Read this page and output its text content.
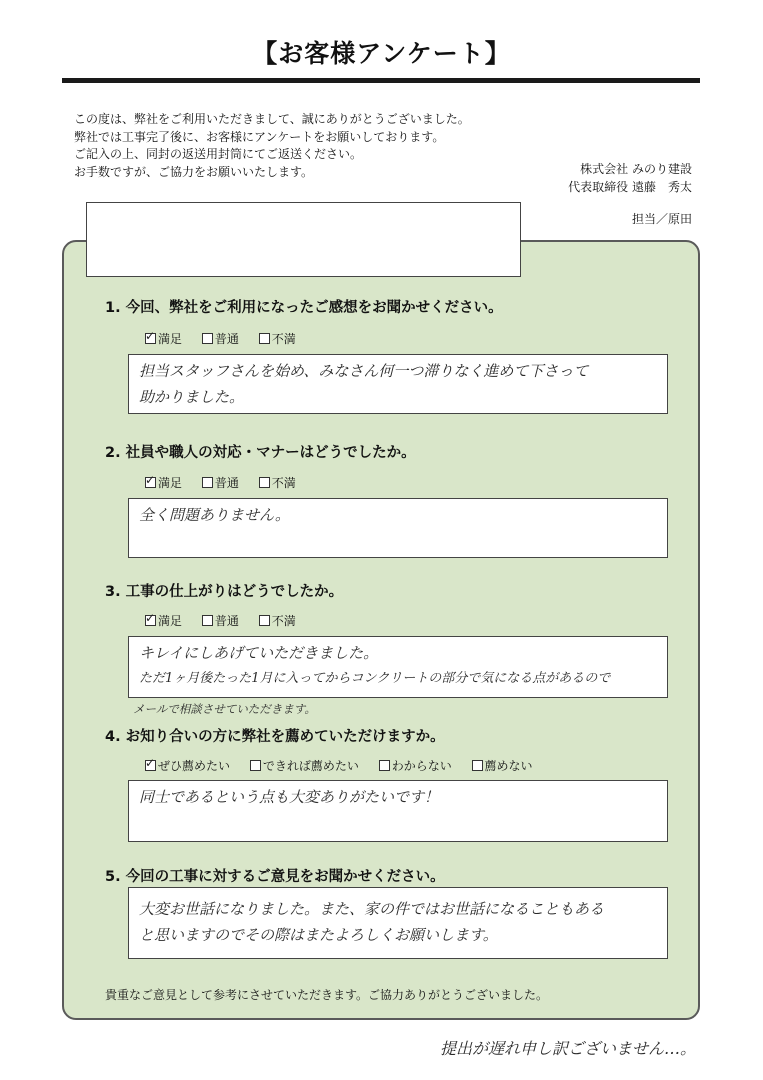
【お客様アンケート】
この度は、弊社をご利用いただきまして、誠にありがとうございました。
弊社では工事完了後に、お客様にアンケートをお願いしております。
ご記入の上、同封の返送用封筒にてご返送ください。
お手数ですが、ご協力をお願いいたします。	株式会社 みのり建設
代表取締役 遠藤　秀太
担当／原田
1. 今回、弊社をご利用になったご感想をお聞かせください。
✓満足	普通	不満
担当スタッフさんを始め、みなさん何一つ滞りなく進めて下さって
助かりました。
2. 社員や職人の対応・マナーはどうでしたか。
✓満足	普通	不満
全く問題ありません。
3. 工事の仕上がりはどうでしたか。
✓満足	普通	不満
キレイにしあげていただきました。
ただ1ヶ月後たった1月に入ってからコンクリートの部分で気になる点があるので
メールで相談させていただきます。
4. お知り合いの方に弊社を薦めていただけますか。
✓ぜひ薦めたい	できれば薦めたい	わからない	薦めない
同士であるという点も大変ありがたいです！
5. 今回の工事に対するご意見をお聞かせください。
大変お世話になりました。また、家の件ではお世話になることもある
と思いますのでその際はまたよろしくお願いします。
貴重なご意見として参考にさせていただきます。ご協力ありがとうございました。
提出が遅れ申し訳ございません…。
